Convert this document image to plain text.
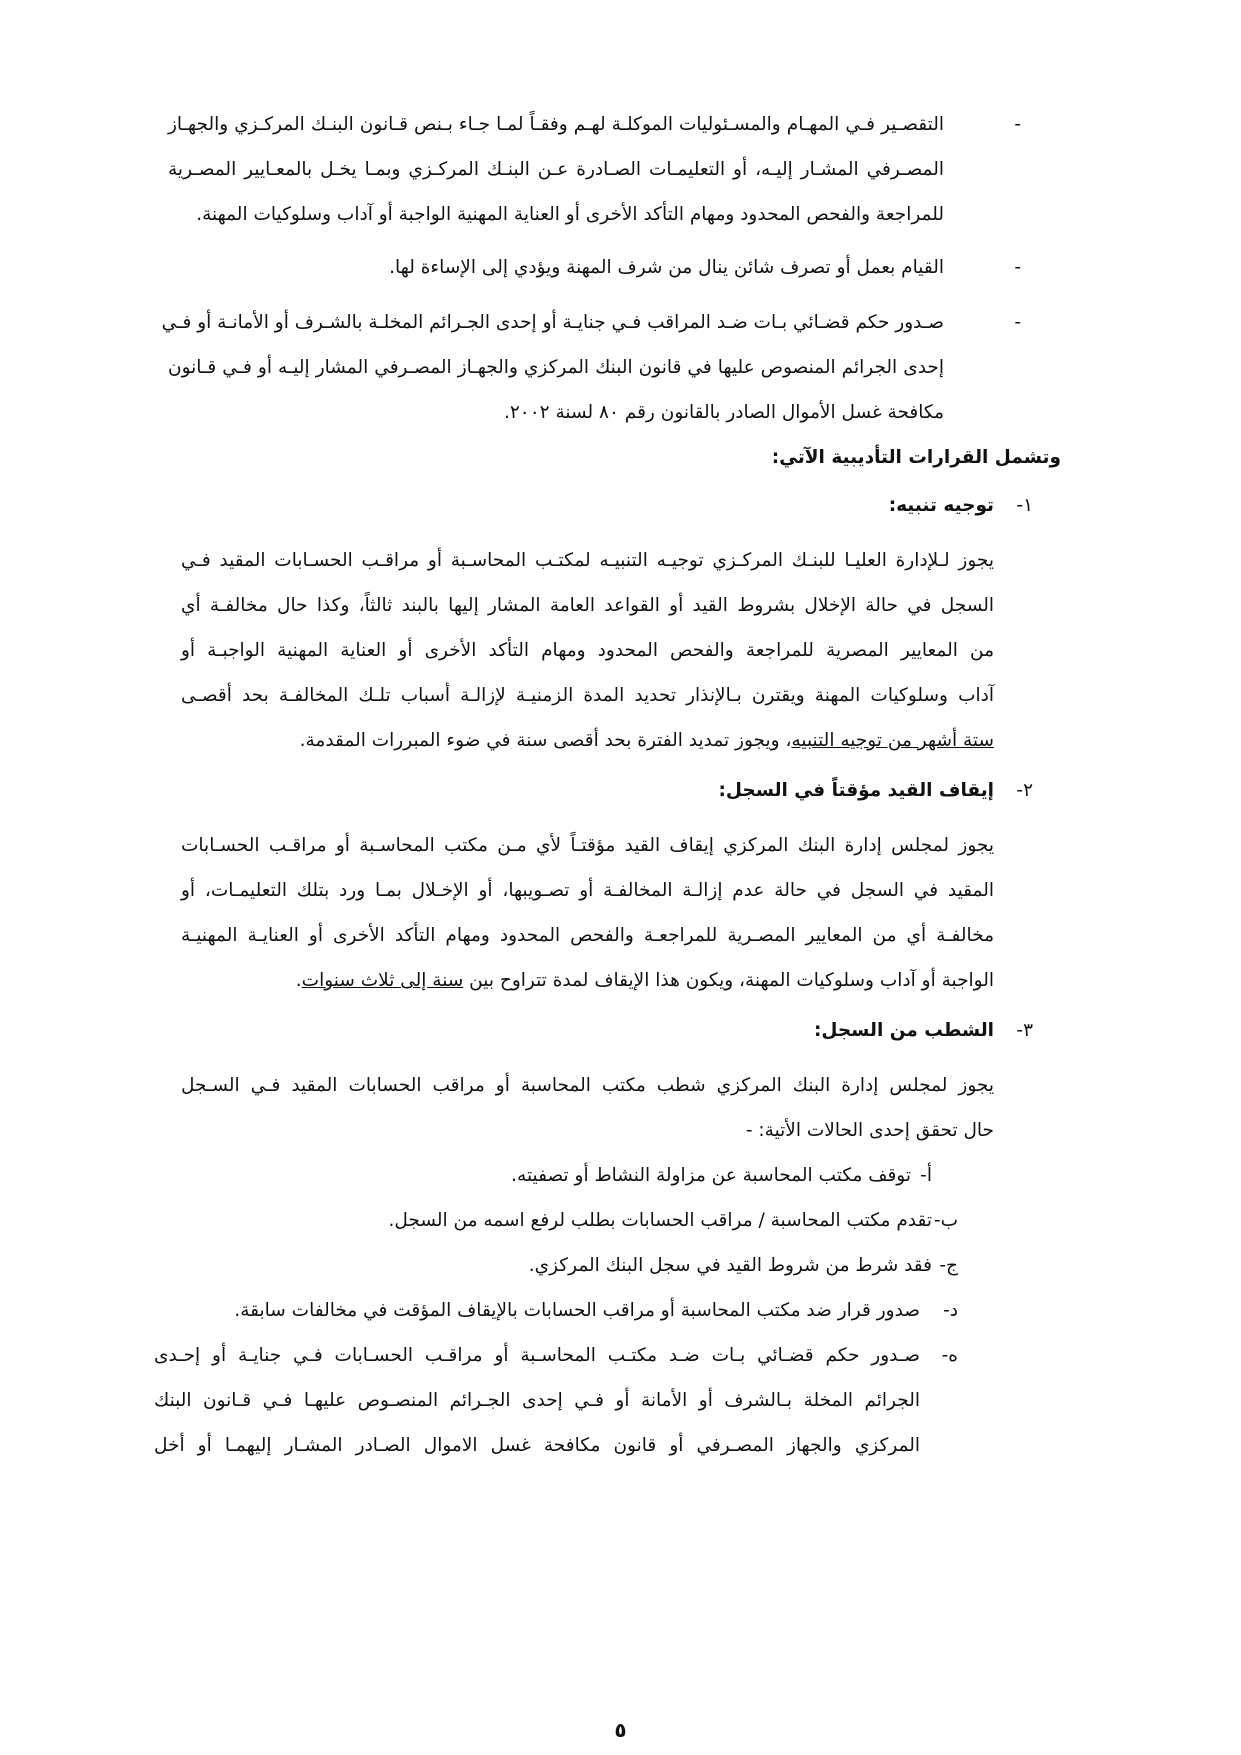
-
التقصـير فـي المهـام والمسـئوليات الموكلـة لهـم وفقـاً لمـا جـاء بـنص قـانون البنـك المركـزي والجهـاز
المصـرفي المشـار إليـه، أو التعليمـات الصـادرة عـن البنـك المركـزي وبمـا يخـل بالمعـايير المصـرية
للمراجعة والفحص المحدود ومهام التأكد الأخرى أو العناية المهنية الواجبة أو آداب وسلوكيات المهنة.
-
القيام بعمل أو تصرف شائن ينال من شرف المهنة ويؤدي إلى الإساءة لها.
-
صـدور حكم قضـائي بـات ضـد المراقب فـي جنايـة أو إحدى الجـرائم المخلـة بالشـرف أو الأمانـة أو فـي
إحدى الجرائم المنصوص عليها في قانون البنك المركزي والجهـاز المصـرفي المشار إليـه أو فـي قـانون
مكافحة غسل الأموال الصادر بالقانون رقم ٨٠ لسنة ٢٠٠٢.
وتشمل القرارات التأديبية الآتي:
١-
توجيه تنبيه:
يجوز لـلإدارة العليـا للبنـك المركـزي توجيـه التنبيـه لمكتـب المحاسـبة أو مراقـب الحسـابات المقيد فـي
السجل في حالة الإخلال بشروط القيد أو القواعد العامة المشار إليها بالبند ثالثاً، وكذا حال مخالفـة أي
من المعايير المصرية للمراجعة والفحص المحدود ومهام التأكد الأخرى أو العناية المهنية الواجبـة أو
آداب وسلوكيات المهنة ويقترن بـالإنذار تحديد المدة الزمنيـة لإزالـة أسباب تلـك المخالفـة بحد أقصـى
ستة أشهر من توجيه التنبيه، ويجوز تمديد الفترة بحد أقصى سنة في ضوء المبررات المقدمة.
٢-
إيقاف القيد مؤقتاً في السجل:
يجوز لمجلس إدارة البنك المركزي إيقاف القيد مؤقتـاً لأي مـن مكتب المحاسـبة أو مراقـب الحسـابات
المقيد في السجل في حالة عدم إزالـة المخالفـة أو تصـويبها، أو الإخـلال بمـا ورد بتلك التعليمـات، أو
مخالفـة أي من المعايير المصـرية للمراجعـة والفحص المحدود ومهام التأكد الأخرى أو العنايـة المهنيـة
الواجبة أو آداب وسلوكيات المهنة، ويكون هذا الإيقاف لمدة تتراوح بين سنة إلى ثلاث سنوات.
٣-
الشطب من السجل:
يجوز لمجلس إدارة البنك المركزي شطب مكتب المحاسبة أو مراقب الحسابات المقيد فـي السـجل
حال تحقق إحدى الحالات الأتية: -
أ-
توقف مكتب المحاسبة عن مزاولة النشاط أو تصفيته.
ب-
تقدم مكتب المحاسبة / مراقب الحسابات بطلب لرفع اسمه من السجل.
ج-
فقد شرط من شروط القيد في سجل البنك المركزي.
د-
صدور قرار ضد مكتب المحاسبة أو مراقب الحسابات بالإيقاف المؤقت في مخالفات سابقة.
ه-
صـدور حكم قضـائي بـات ضـد مكتـب المحاسـبة أو مراقـب الحسـابات فـي جنايـة أو إحـدى
الجرائم المخلة بـالشرف أو الأمانة أو فـي إحدى الجـرائم المنصـوص عليهـا فـي قـانون البنك
المركزي والجهاز المصـرفي أو قانون مكافحة غسل الاموال الصـادر المشـار إليهمـا أو أخل
٥
